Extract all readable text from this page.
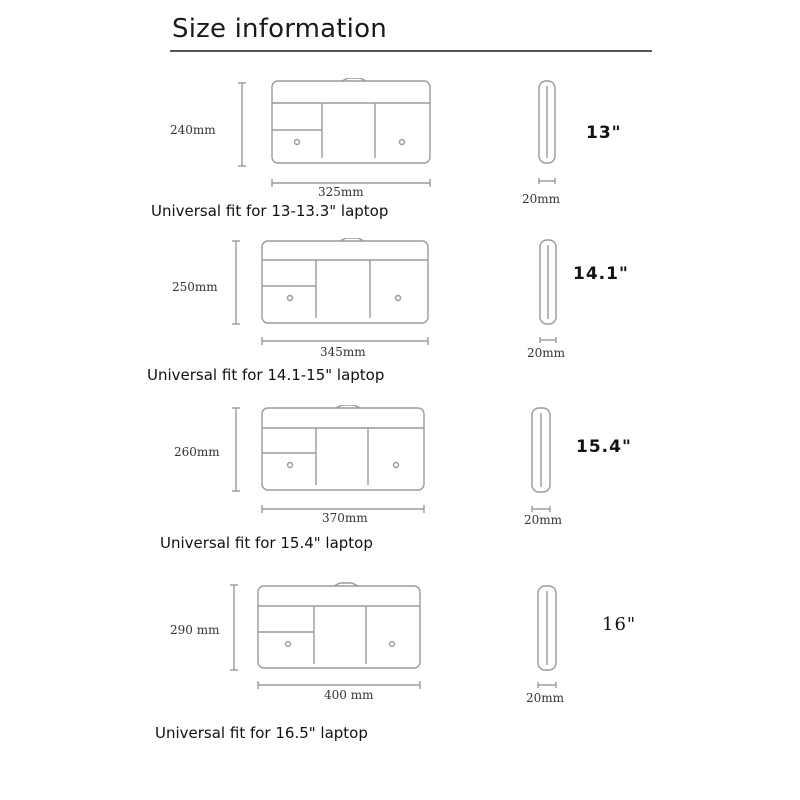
Size information
240mm
325mm	20mm
13"
Universal fit for 13-13.3" laptop
250mm
345mm	20mm
14.1"
Universal fit for 14.1-15" laptop
260mm
370mm	20mm
15.4"
Universal fit for 15.4" laptop
290 mm
400 mm	20mm
16"
Universal fit for 16.5" laptop
